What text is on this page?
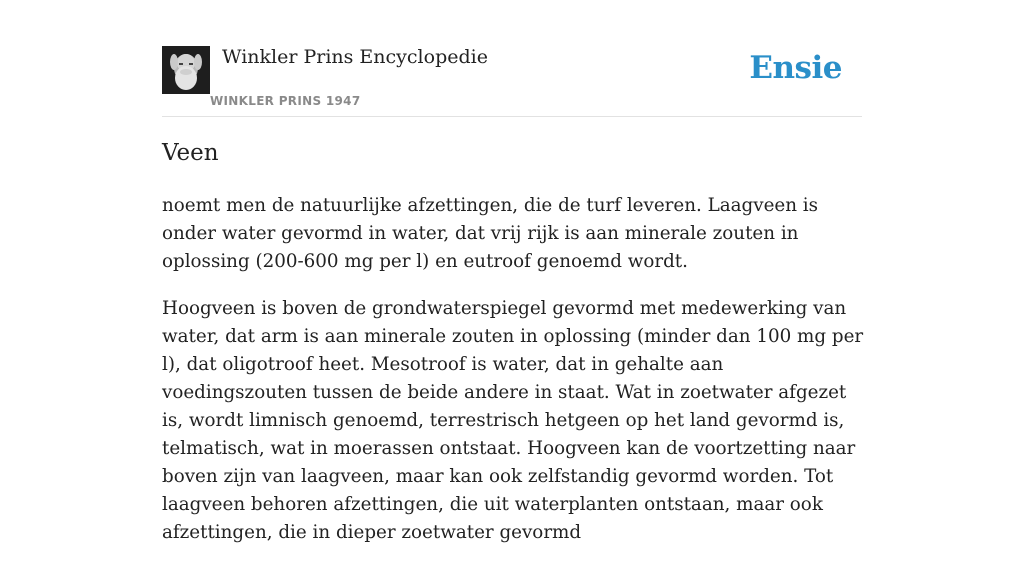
Winkler Prins Encyclopedie
WINKLER PRINS 1947
Ensie
Veen

noemt men de natuurlijke afzettingen, die de turf leveren. Laagveen is onder water gevormd in water, dat vrij rijk is aan minerale zouten in oplossing (200-600 mg per l) en eutroof genoemd wordt.

Hoogveen is boven de grondwaterspiegel gevormd met medewerking van water, dat arm is aan minerale zouten in oplossing (minder dan 100 mg per l), dat oligotroof heet. Mesotroof is water, dat in gehalte aan voedingszouten tussen de beide andere in staat. Wat in zoetwater afgezet is, wordt limnisch genoemd, terrestrisch hetgeen op het land gevormd is, telmatisch, wat in moerassen ontstaat. Hoogveen kan de voortzetting naar boven zijn van laagveen, maar kan ook zelfstandig gevormd worden. Tot laagveen behoren afzettingen, die uit waterplanten ontstaan, maar ook afzettingen, die in dieper zoetwater gevormd
